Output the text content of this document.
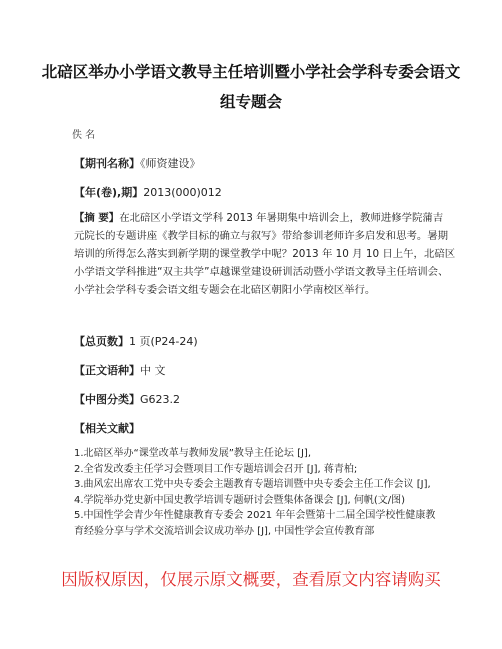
北碚区举办小学语文教导主任培训暨小学社会学科专委会语文
组专题会
佚 名
【期刊名称】《师资建设》
【年(卷),期】2013(000)012
【摘 要】在北碚区小学语文学科 2013 年暑期集中培训会上，教师进修学院蒲吉
元院长的专题讲座《教学目标的确立与叙写》带给参训老师许多启发和思考。暑期
培训的所得怎么落实到新学期的课堂教学中呢？2013 年 10 月 10 日上午，北碚区
小学语文学科推进“双主共学”卓越课堂建设研训活动暨小学语文教导主任培训会、
小学社会学科专委会语文组专题会在北碚区朝阳小学南校区举行。
【总页数】1 页(P24-24)
【正文语种】中 文
【中图分类】G623.2
【相关文献】
1.北碚区举办“课堂改革与教师发展”教导主任论坛 [J],
2.全省发改委主任学习会暨项目工作专题培训会召开 [J], 蒋青柏;
3.曲风宏出席农工党中央专委会主题教育专题培训暨中央专委会主任工作会议 [J],
4.学院举办党史新中国史教学培训专题研讨会暨集体备课会 [J], 何帆(文/图)
5.中国性学会青少年性健康教育专委会 2021 年年会暨第十二届全国学校性健康教
育经验分享与学术交流培训会议成功举办 [J], 中国性学会宣传教育部
因版权原因，仅展示原文概要，查看原文内容请购买
